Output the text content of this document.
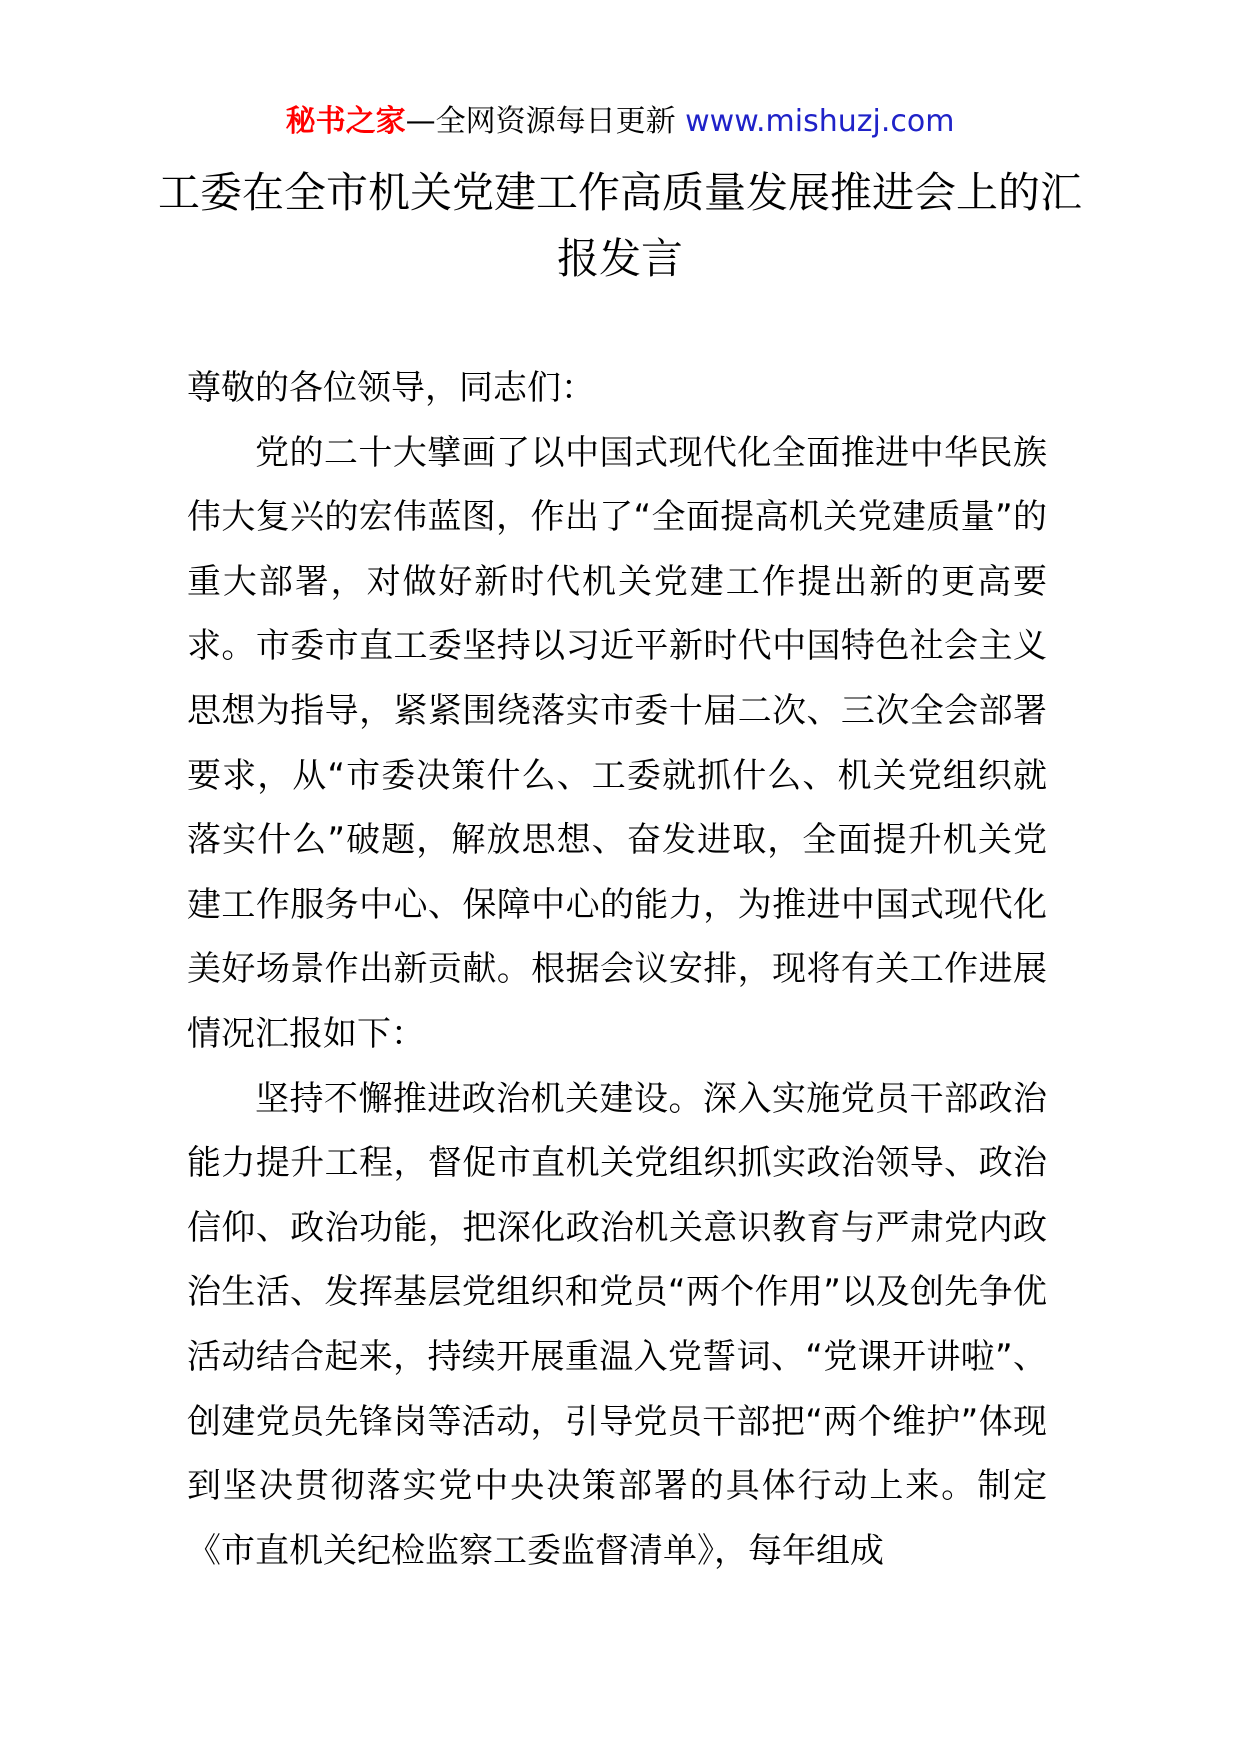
秘书之家—全网资源每日更新 www.mishuzj.com
工委在全市机关党建工作高质量发展推进会上的汇报发言

尊敬的各位领导，同志们：

党的二十大擘画了以中国式现代化全面推进中华民族伟大复兴的宏伟蓝图，作出了“全面提高机关党建质量”的重大部署，对做好新时代机关党建工作提出新的更高要求。市委市直工委坚持以习近平新时代中国特色社会主义思想为指导，紧紧围绕落实市委十届二次、三次全会部署要求，从“市委决策什么、工委就抓什么、机关党组织就落实什么”破题，解放思想、奋发进取，全面提升机关党建工作服务中心、保障中心的能力，为推进中国式现代化美好场景作出新贡献。根据会议安排，现将有关工作进展情况汇报如下：

坚持不懈推进政治机关建设。深入实施党员干部政治能力提升工程，督促市直机关党组织抓实政治领导、政治信仰、政治功能，把深化政治机关意识教育与严肃党内政治生活、发挥基层党组织和党员“两个作用”以及创先争优活动结合起来，持续开展重温入党誓词、“党课开讲啦”、创建党员先锋岗等活动，引导党员干部把“两个维护”体现到坚决贯彻落实党中央决策部署的具体行动上来。制定《市直机关纪检监察工委监督清单》，每年组成
